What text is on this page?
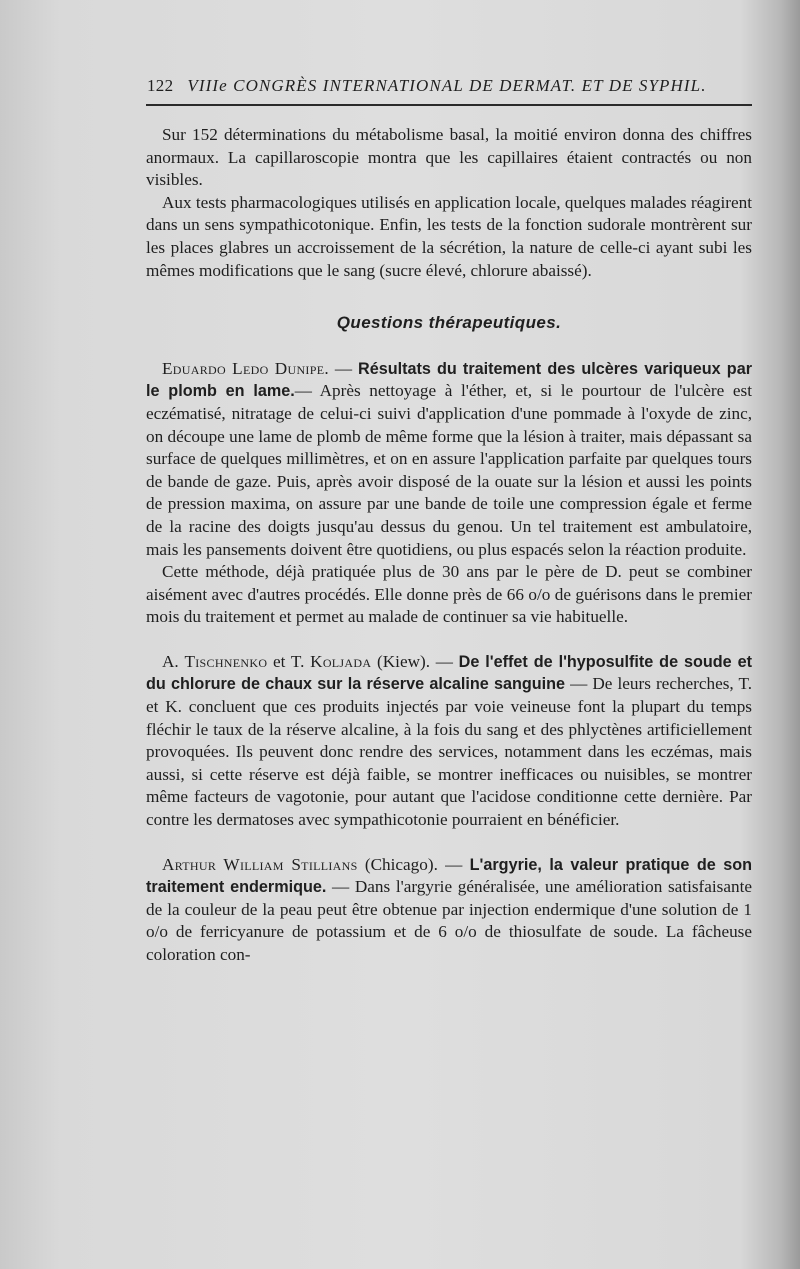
122 VIIIe CONGRÈS INTERNATIONAL DE DERMAT. ET DE SYPHIL.

Sur 152 déterminations du métabolisme basal, la moitié environ donna des chiffres anormaux. La capillaroscopie montra que les capillaires étaient contractés ou non visibles.

Aux tests pharmacologiques utilisés en application locale, quelques malades réagirent dans un sens sympathicotonique. Enfin, les tests de la fonction sudorale montrèrent sur les places glabres un accroissement de la sécrétion, la nature de celle-ci ayant subi les mêmes modifications que le sang (sucre élevé, chlorure abaissé).

Questions thérapeutiques.

Eduardo Ledo Dunipe. — Résultats du traitement des ulcères variqueux par le plomb en lame.— Après nettoyage à l'éther, et, si le pourtour de l'ulcère est eczématisé, nitratage de celui-ci suivi d'application d'une pommade à l'oxyde de zinc, on découpe une lame de plomb de même forme que la lésion à traiter, mais dépassant sa surface de quelques millimètres, et on en assure l'application parfaite par quelques tours de bande de gaze. Puis, après avoir disposé de la ouate sur la lésion et aussi les points de pression maxima, on assure par une bande de toile une compression égale et ferme de la racine des doigts jusqu'au dessus du genou. Un tel traitement est ambulatoire, mais les pansements doivent être quotidiens, ou plus espacés selon la réaction produite.

Cette méthode, déjà pratiquée plus de 30 ans par le père de D. peut se combiner aisément avec d'autres procédés. Elle donne près de 66 o/o de guérisons dans le premier mois du traitement et permet au malade de continuer sa vie habituelle.

A. Tischnenko et T. Koljada (Kiew). — De l'effet de l'hyposulfite de soude et du chlorure de chaux sur la réserve alcaline sanguine — De leurs recherches, T. et K. concluent que ces produits injectés par voie veineuse font la plupart du temps fléchir le taux de la réserve alcaline, à la fois du sang et des phlyctènes artificiellement provoquées. Ils peuvent donc rendre des services, notamment dans les eczémas, mais aussi, si cette réserve est déjà faible, se montrer inefficaces ou nuisibles, se montrer même facteurs de vagotonie, pour autant que l'acidose conditionne cette dernière. Par contre les dermatoses avec sympathicotonie pourraient en bénéficier.

Arthur William Stillians (Chicago). — L'argyrie, la valeur pratique de son traitement endermique. — Dans l'argyrie généralisée, une amélioration satisfaisante de la couleur de la peau peut être obtenue par injection endermique d'une solution de 1 o/o de ferricyanure de potassium et de 6 o/o de thiosulfate de soude. La fâcheuse coloration con-
